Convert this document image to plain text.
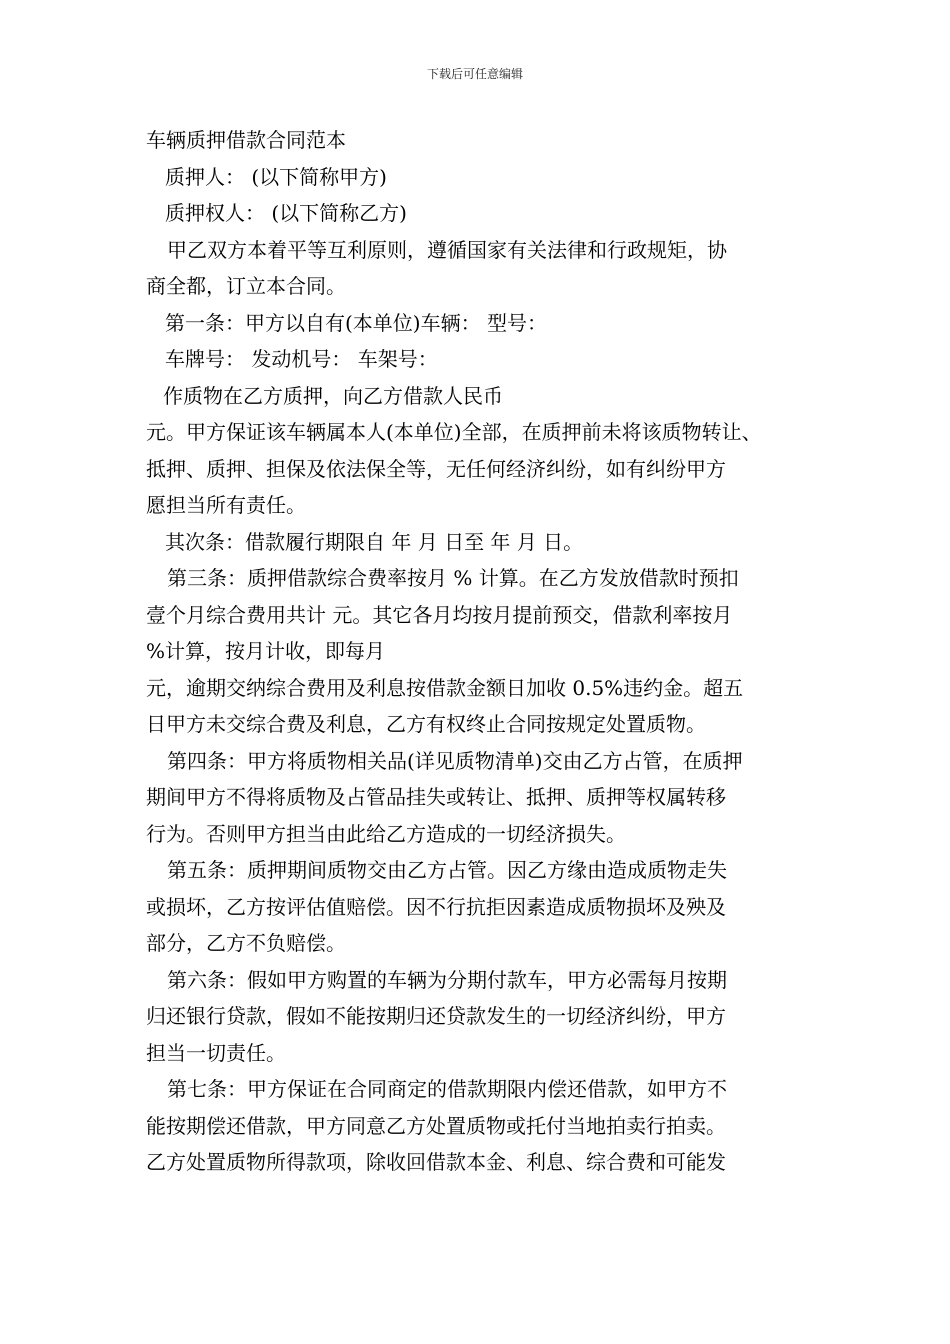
下载后可任意编辑
车辆质押借款合同范本
质押人： (以下简称甲方)
质押权人： (以下简称乙方)
甲乙双方本着平等互利原则，遵循国家有关法律和行政规矩，协
商全都，订立本合同。
第一条：甲方以自有(本单位)车辆： 型号：
车牌号： 发动机号： 车架号：
作质物在乙方质押，向乙方借款人民币
元。甲方保证该车辆属本人(本单位)全部，在质押前未将该质物转让、
抵押、质押、担保及依法保全等，无任何经济纠纷，如有纠纷甲方
愿担当所有责任。
其次条：借款履行期限自 年 月 日至 年 月 日。
第三条：质押借款综合费率按月 % 计算。在乙方发放借款时预扣
壹个月综合费用共计 元。其它各月均按月提前预交，借款利率按月
%计算，按月计收，即每月
元，逾期交纳综合费用及利息按借款金额日加收 0.5%违约金。超五
日甲方未交综合费及利息，乙方有权终止合同按规定处置质物。
第四条：甲方将质物相关品(详见质物清单)交由乙方占管，在质押
期间甲方不得将质物及占管品挂失或转让、抵押、质押等权属转移
行为。否则甲方担当由此给乙方造成的一切经济损失。
第五条：质押期间质物交由乙方占管。因乙方缘由造成质物走失
或损坏，乙方按评估值赔偿。因不行抗拒因素造成质物损坏及殃及
部分，乙方不负赔偿。
第六条：假如甲方购置的车辆为分期付款车，甲方必需每月按期
归还银行贷款，假如不能按期归还贷款发生的一切经济纠纷，甲方
担当一切责任。
第七条：甲方保证在合同商定的借款期限内偿还借款，如甲方不
能按期偿还借款，甲方同意乙方处置质物或托付当地拍卖行拍卖。
乙方处置质物所得款项，除收回借款本金、利息、综合费和可能发
